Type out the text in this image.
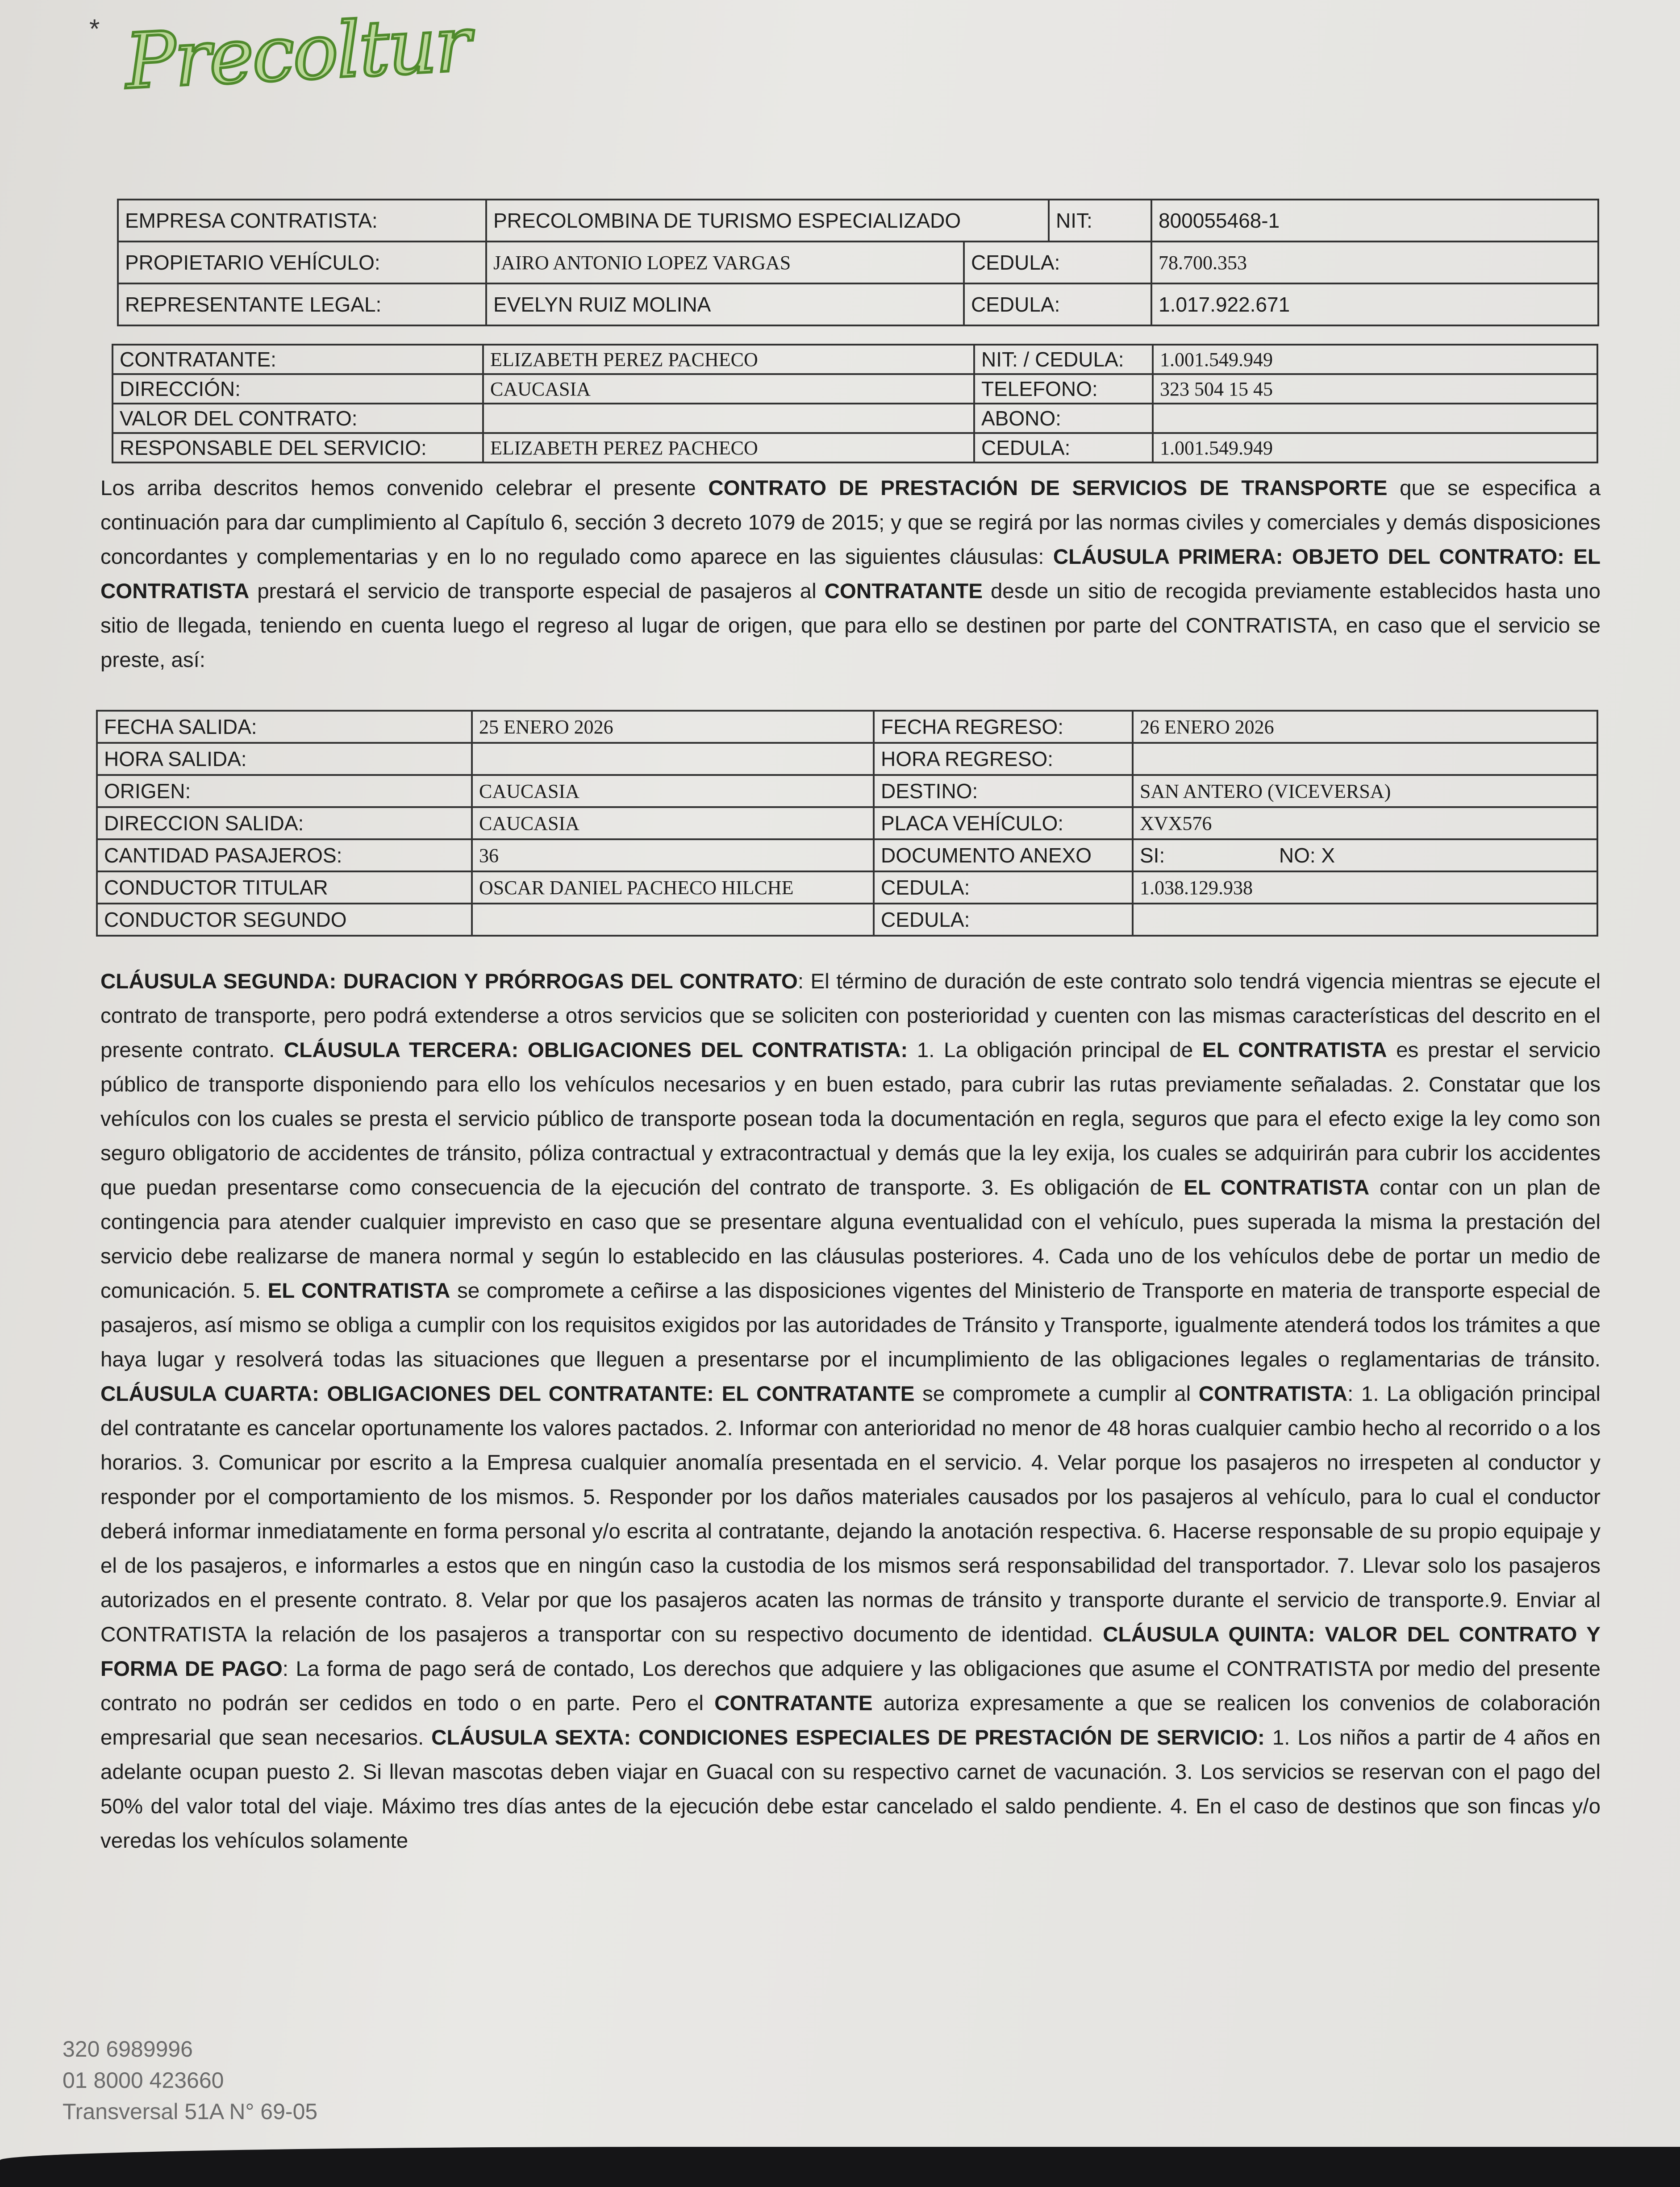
* Precoltur
EMPRESA CONTRATISTA:	PRECOLOMBINA DE TURISMO ESPECIALIZADO		NIT:	800055468-1
PROPIETARIO VEHÍCULO:	JAIRO ANTONIO LOPEZ VARGAS	CEDULA:		78.700.353
REPRESENTANTE LEGAL:	EVELYN RUIZ MOLINA	CEDULA:		1.017.922.671
CONTRATANTE:	ELIZABETH PEREZ PACHECO	NIT: / CEDULA:	1.001.549.949
DIRECCIÓN:	CAUCASIA	TELEFONO:	323 504 15 45
VALOR DEL CONTRATO:		ABONO:	
RESPONSABLE DEL SERVICIO:	ELIZABETH PEREZ PACHECO	CEDULA:	1.001.549.949
Los arriba descritos hemos convenido celebrar el presente CONTRATO DE PRESTACIÓN DE SERVICIOS DE TRANSPORTE que se especifica a continuación para dar cumplimiento al Capítulo 6, sección 3 decreto 1079 de 2015; y que se regirá por las normas civiles y comerciales y demás disposiciones concordantes y complementarias y en lo no regulado como aparece en las siguientes cláusulas: CLÁUSULA PRIMERA: OBJETO DEL CONTRATO: EL CONTRATISTA prestará el servicio de transporte especial de pasajeros al CONTRATANTE desde un sitio de recogida previamente establecidos hasta uno sitio de llegada, teniendo en cuenta luego el regreso al lugar de origen, que para ello se destinen por parte del CONTRATISTA, en caso que el servicio se preste, así:
FECHA SALIDA:	25 ENERO 2026	FECHA REGRESO:	26 ENERO 2026
HORA SALIDA:		HORA REGRESO:	
ORIGEN:	CAUCASIA	DESTINO:	SAN ANTERO (VICEVERSA)
DIRECCION SALIDA:	CAUCASIA	PLACA VEHÍCULO:	XVX576
CANTIDAD PASAJEROS:	36	DOCUMENTO ANEXO	SI:                    NO: X
CONDUCTOR TITULAR	OSCAR DANIEL PACHECO HILCHE	CEDULA:	1.038.129.938
CONDUCTOR SEGUNDO		CEDULA:	
CLÁUSULA SEGUNDA: DURACION Y PRÓRROGAS DEL CONTRATO: El término de duración de este contrato solo tendrá vigencia mientras se ejecute el contrato de transporte, pero podrá extenderse a otros servicios que se soliciten con posterioridad y cuenten con las mismas características del descrito en el presente contrato. CLÁUSULA TERCERA: OBLIGACIONES DEL CONTRATISTA: 1. La obligación principal de EL CONTRATISTA es prestar el servicio público de transporte disponiendo para ello los vehículos necesarios y en buen estado, para cubrir las rutas previamente señaladas. 2. Constatar que los vehículos con los cuales se presta el servicio público de transporte posean toda la documentación en regla, seguros que para el efecto exige la ley como son seguro obligatorio de accidentes de tránsito, póliza contractual y extracontractual y demás que la ley exija, los cuales se adquirirán para cubrir los accidentes que puedan presentarse como consecuencia de la ejecución del contrato de transporte. 3. Es obligación de EL CONTRATISTA contar con un plan de contingencia para atender cualquier imprevisto en caso que se presentare alguna eventualidad con el vehículo, pues superada la misma la prestación del servicio debe realizarse de manera normal y según lo establecido en las cláusulas posteriores. 4. Cada uno de los vehículos debe de portar un medio de comunicación. 5. EL CONTRATISTA se compromete a ceñirse a las disposiciones vigentes del Ministerio de Transporte en materia de transporte especial de pasajeros, así mismo se obliga a cumplir con los requisitos exigidos por las autoridades de Tránsito y Transporte, igualmente atenderá todos los trámites a que haya lugar y resolverá todas las situaciones que lleguen a presentarse por el incumplimiento de las obligaciones legales o reglamentarias de tránsito. CLÁUSULA CUARTA: OBLIGACIONES DEL CONTRATANTE: EL CONTRATANTE se compromete a cumplir al CONTRATISTA: 1. La obligación principal del contratante es cancelar oportunamente los valores pactados. 2. Informar con anterioridad no menor de 48 horas cualquier cambio hecho al recorrido o a los horarios. 3. Comunicar por escrito a la Empresa cualquier anomalía presentada en el servicio. 4. Velar porque los pasajeros no irrespeten al conductor y responder por el comportamiento de los mismos. 5. Responder por los daños materiales causados por los pasajeros al vehículo, para lo cual el conductor deberá informar inmediatamente en forma personal y/o escrita al contratante, dejando la anotación respectiva. 6. Hacerse responsable de su propio equipaje y el de los pasajeros, e informarles a estos que en ningún caso la custodia de los mismos será responsabilidad del transportador. 7. Llevar solo los pasajeros autorizados en el presente contrato. 8. Velar por que los pasajeros acaten las normas de tránsito y transporte durante el servicio de transporte.9. Enviar al CONTRATISTA la relación de los pasajeros a transportar con su respectivo documento de identidad. CLÁUSULA QUINTA: VALOR DEL CONTRATO Y FORMA DE PAGO: La forma de pago será de contado, Los derechos que adquiere y las obligaciones que asume el CONTRATISTA por medio del presente contrato no podrán ser cedidos en todo o en parte. Pero el CONTRATANTE autoriza expresamente a que se realicen los convenios de colaboración empresarial que sean necesarios. CLÁUSULA SEXTA: CONDICIONES ESPECIALES DE PRESTACIÓN DE SERVICIO: 1. Los niños a partir de 4 años en adelante ocupan puesto 2. Si llevan mascotas deben viajar en Guacal con su respectivo carnet de vacunación. 3. Los servicios se reservan con el pago del 50% del valor total del viaje. Máximo tres días antes de la ejecución debe estar cancelado el saldo pendiente. 4. En el caso de destinos que son fincas y/o veredas los vehículos solamente
320 6989996
01 8000 423660
Transversal 51A N° 69-05
